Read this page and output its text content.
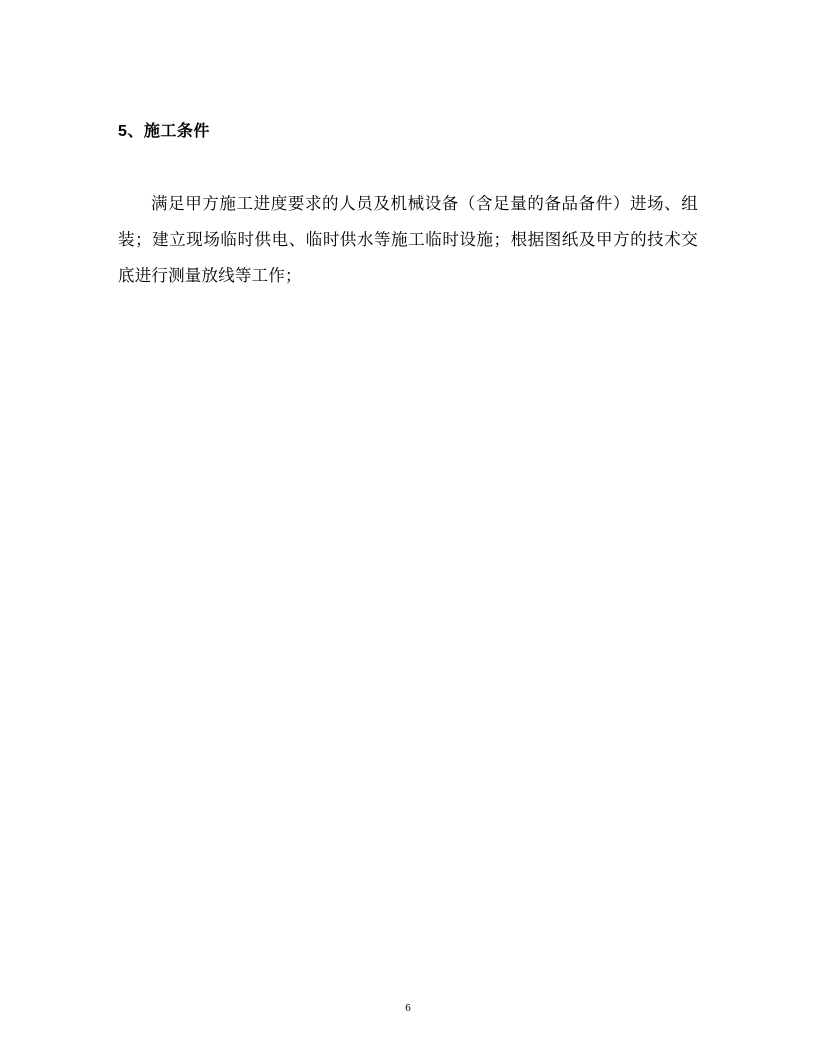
5、施工条件

满足甲方施工进度要求的人员及机械设备（含足量的备品备件）进场、组装；建立现场临时供电、临时供水等施工临时设施；根据图纸及甲方的技术交底进行测量放线等工作；

6
